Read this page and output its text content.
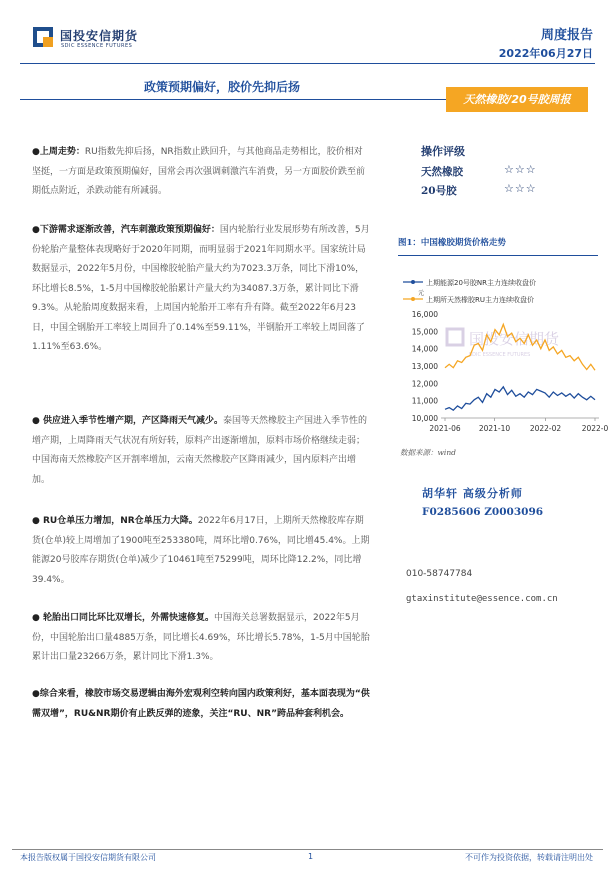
国投安信期货
SDIC ESSENCE FUTURES
周度报告
2022年06月27日
政策预期偏好，胶价先抑后扬
天然橡胶/20号胶周报
●上周走势：RU指数先抑后扬，NR指数止跌回升，与其他商品走势相比，胶价相对坚挺，一方面是政策预期偏好，国常会再次强调刺激汽车消费，另一方面胶价跌至前期低点附近，杀跌动能有所减弱。
●下游需求逐渐改善，汽车刺激政策预期偏好：国内轮胎行业发展形势有所改善，5月份轮胎产量整体表现略好于2020年同期，而明显弱于2021年同期水平。国家统计局数据显示，2022年5月份，中国橡胶轮胎产量大约为7023.3万条，同比下滑10%，环比增长8.5%，1-5月中国橡胶轮胎累计产量大约为34087.3万条，累计同比下滑9.3%。从轮胎周度数据来看，上周国内轮胎开工率有升有降。截至2022年6月23日，中国全钢胎开工率较上周回升了0.14%至59.11%，半钢胎开工率较上周回落了1.11%至63.6%。
● 供应进入季节性增产期，产区降雨天气减少。泰国等天然橡胶主产国进入季节性的增产期，上周降雨天气状况有所好转，原料产出逐渐增加，原料市场价格继续走弱；中国海南天然橡胶产区开割率增加，云南天然橡胶产区降雨减少，国内原料产出增加。
● RU仓单压力增加，NR仓单压力大降。2022年6月17日，上期所天然橡胶库存期货(仓单)较上周增加了1900吨至253380吨，周环比增0.76%，同比增45.4%。上期能源20号胶库存期货(仓单)减少了10461吨至75299吨，周环比降12.2%，同比增39.4%。
● 轮胎出口同比环比双增长，外需快速修复。中国海关总署数据显示，2022年5月份，中国轮胎出口量4885万条，同比增长4.69%，环比增长5.78%，1-5月中国轮胎累计出口量23266万条，累计同比下滑1.3%。
●综合来看，橡胶市场交易逻辑由海外宏观利空转向国内政策利好，基本面表现为“供需双增”，RU&NR期价有止跌反弹的迹象，关注“RU、NR”跨品种套利机会。
操作评级
天然橡胶	☆☆☆
20号胶	☆☆☆
图1：中国橡胶期货价格走势
国投安信期货
SDIC ESSENCE FUTURES
上期能源20号胶NR主力连续收盘价
上期所天然橡胶RU主力连续收盘价
元
10,000
11,000
12,000
13,000
14,000
15,000
16,000
2021-06 2021-10	2022-02	2022-0
数据来源：wind
胡华轩 高级分析师
F0285606 Z0003096
010-58747784
gtaxinstitute@essence.com.cn
本报告版权属于国投安信期货有限公司	1	不可作为投资依据，转载请注明出处
